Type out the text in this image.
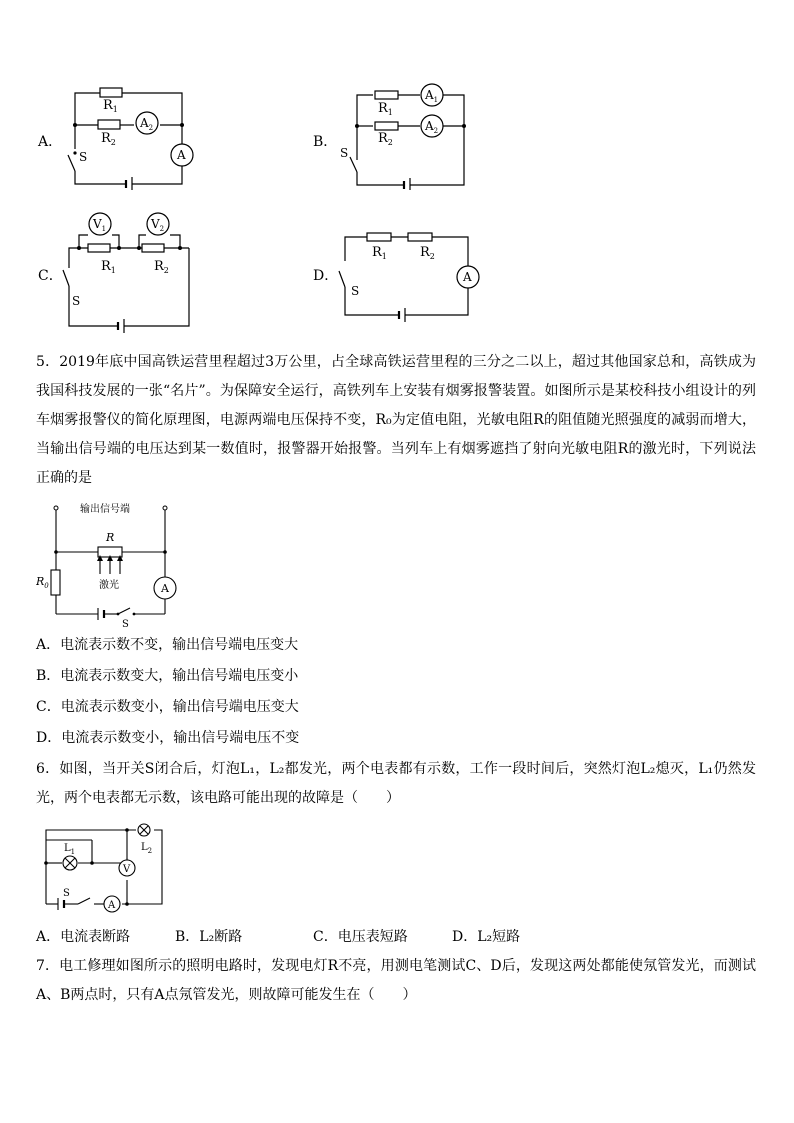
A．
$R_1$
$R_2$
$A_2$
A
S
B．
$R_1$
$R_2$
$A_1$
$A_2$
S
C．
$V_1$	$V_2$
$R_1$	$R_2$
S
D．
$R_1$	$R_2$
A
S
5．2019年底中国高铁运营里程超过3万公里，占全球高铁运营里程的三分之二以上，超过其他国家总和，高铁成为我国科技发展的一张“名片”。为保障安全运行，高铁列车上安装有烟雾报警装置。如图所示是某校科技小组设计的列车烟雾报警仪的简化原理图，电源两端电压保持不变，R₀为定值电阻，光敏电阻R的阻值随光照强度的减弱而增大，当输出信号端的电压达到某一数值时，报警器开始报警。当列车上有烟雾遮挡了射向光敏电阻R的激光时，下列说法正确的是
输出信号端
R
激光
$R_0$	A
S
A．电流表示数不变，输出信号端电压变大
B．电流表示数变大，输出信号端电压变小
C．电流表示数变小，输出信号端电压变大
D．电流表示数变小，输出信号端电压不变
6．如图，当开关S闭合后，灯泡L₁，L₂都发光，两个电表都有示数，工作一段时间后，突然灯泡L₂熄灭，L₁仍然发光，两个电表都无示数，该电路可能出现的故障是（　　）
$L_1$	$L_2$
V
A
S
A．电流表断路	B．L₂断路	C．电压表短路	D．L₂短路
7．电工修理如图所示的照明电路时，发现电灯R不亮，用测电笔测试C、D后，发现这两处都能使氖管发光，而测试A、B两点时，只有A点氖管发光，则故障可能发生在（　　）
